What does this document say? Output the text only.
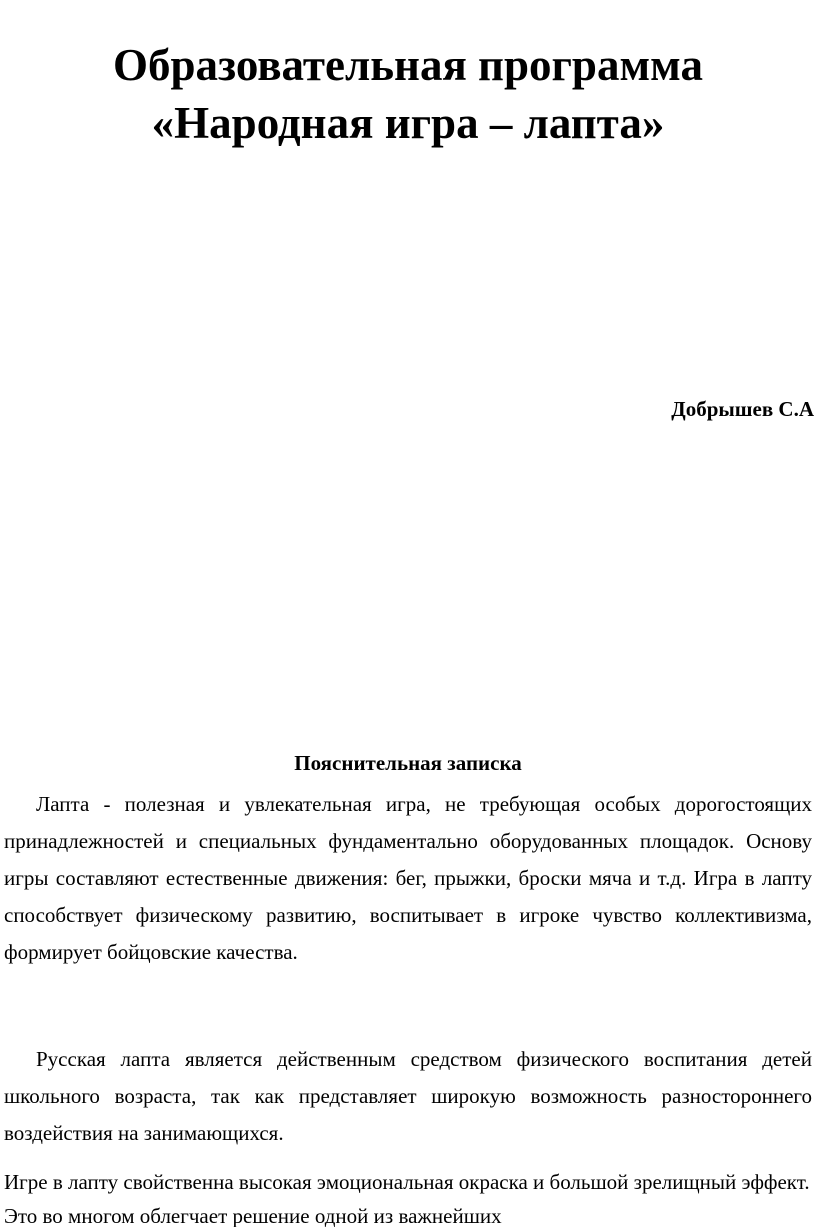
Образовательная программа
«Народная игра – лапта»
Добрышев С.А
Пояснительная записка

Лапта - полезная и увлекательная игра, не требующая особых дорогостоящих принадлежностей и специальных фундаментально оборудованных площадок. Основу игры составляют естественные движения: бег, прыжки, броски мяча и т.д. Игра в лапту способствует физическому развитию, воспитывает в игроке чувство коллективизма, формирует бойцовские качества.

Русская лапта является действенным средством физического воспитания детей школьного возраста, так как представляет широкую возможность разностороннего воздействия на занимающихся.

Игре в лапту свойственна высокая эмоциональная окраска и большой зрелищный эффект. Это во многом облегчает решение одной из важнейших
